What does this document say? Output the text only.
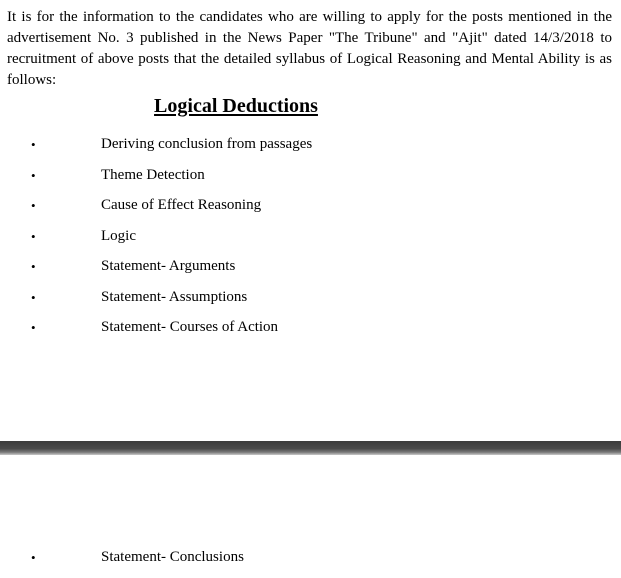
It is for the information to the candidates who are willing to apply for the posts mentioned in the advertisement No. 3 published in the News Paper "The Tribune" and "Ajit" dated 14/3/2018 to recruitment of above posts that the detailed syllabus of Logical Reasoning and Mental Ability is as follows:

Logical Deductions
•	Deriving conclusion from passages
•	Theme Detection
•	Cause of Effect Reasoning
•	Logic
•	Statement- Arguments
•	Statement- Assumptions
•	Statement- Courses of Action
•	Statement- Conclusions
